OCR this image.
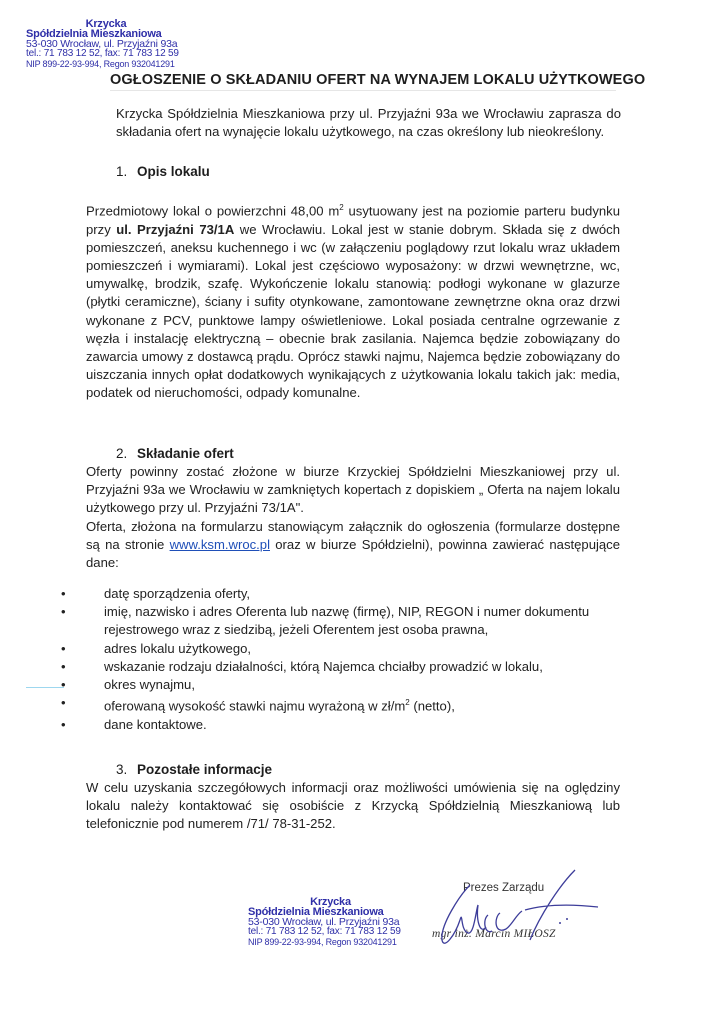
Krzycka
Spółdzielnia Mieszkaniowa
53-030 Wrocław, ul. Przyjaźni 93a
tel.: 71 783 12 52, fax: 71 783 12 59
NIP 899-22-93-994, Regon 932041291
OGŁOSZENIE O SKŁADANIU OFERT NA WYNAJEM LOKALU UŻYTKOWEGO
Krzycka Spółdzielnia Mieszkaniowa przy ul. Przyjaźni 93a we Wrocławiu zaprasza do składania ofert na wynajęcie lokalu użytkowego, na czas określony lub nieokreślony.
1. Opis lokalu
Przedmiotowy lokal o powierzchni 48,00 $m^2$ usytuowany jest na poziomie parteru budynku przy ul. Przyjaźni 73/1A we Wrocławiu. Lokal jest w stanie dobrym. Składa się z dwóch pomieszczeń, aneksu kuchennego i wc (w załączeniu poglądowy rzut lokalu wraz układem pomieszczeń i wymiarami). Lokal jest częściowo wyposażony: w drzwi wewnętrzne, wc, umywalkę, brodzik, szafę. Wykończenie lokalu stanowią: podłogi wykonane w glazurze (płytki ceramiczne), ściany i sufity otynkowane, zamontowane zewnętrzne okna oraz drzwi wykonane z PCV, punktowe lampy oświetleniowe. Lokal posiada centralne ogrzewanie z węzła i instalację elektryczną – obecnie brak zasilania. Najemca będzie zobowiązany do zawarcia umowy z dostawcą prądu. Oprócz stawki najmu, Najemca będzie zobowiązany do uiszczania innych opłat dodatkowych wynikających z użytkowania lokalu takich jak: media, podatek od nieruchomości, odpady komunalne.
2. Składanie ofert
Oferty powinny zostać złożone w biurze Krzyckiej Spółdzielni Mieszkaniowej przy ul. Przyjaźni 93a we Wrocławiu w zamkniętych kopertach z dopiskiem „ Oferta na najem lokalu użytkowego przy ul. Przyjaźni 73/1A".
Oferta, złożona na formularzu stanowiącym załącznik do ogłoszenia (formularze dostępne są na stronie www.ksm.wroc.pl oraz w biurze Spółdzielni), powinna zawierać następujące dane:
•	datę sporządzenia oferty,
•	imię, nazwisko i adres Oferenta lub nazwę (firmę), NIP, REGON i numer dokumentu rejestrowego wraz z siedzibą, jeżeli Oferentem jest osoba prawna,
•	adres lokalu użytkowego,
•	wskazanie rodzaju działalności, którą Najemca chciałby prowadzić w lokalu,
•	okres wynajmu,
•	oferowaną wysokość stawki najmu wyrażoną w $zł/m^2$ (netto),
•	dane kontaktowe.
3. Pozostałe informacje
W celu uzyskania szczegółowych informacji oraz możliwości umówienia się na oględziny lokalu należy kontaktować się osobiście z Krzycką Spółdzielnią Mieszkaniową lub telefonicznie pod numerem /71/ 78-31-252.
Krzycka
Spółdzielnia Mieszkaniowa
53-030 Wrocław, ul. Przyjaźni 93a
tel.: 71 783 12 52, fax: 71 783 12 59
NIP 899-22-93-994, Regon 932041291
Prezes Zarządu
mgr inż. Marcin MIŁOSZ
